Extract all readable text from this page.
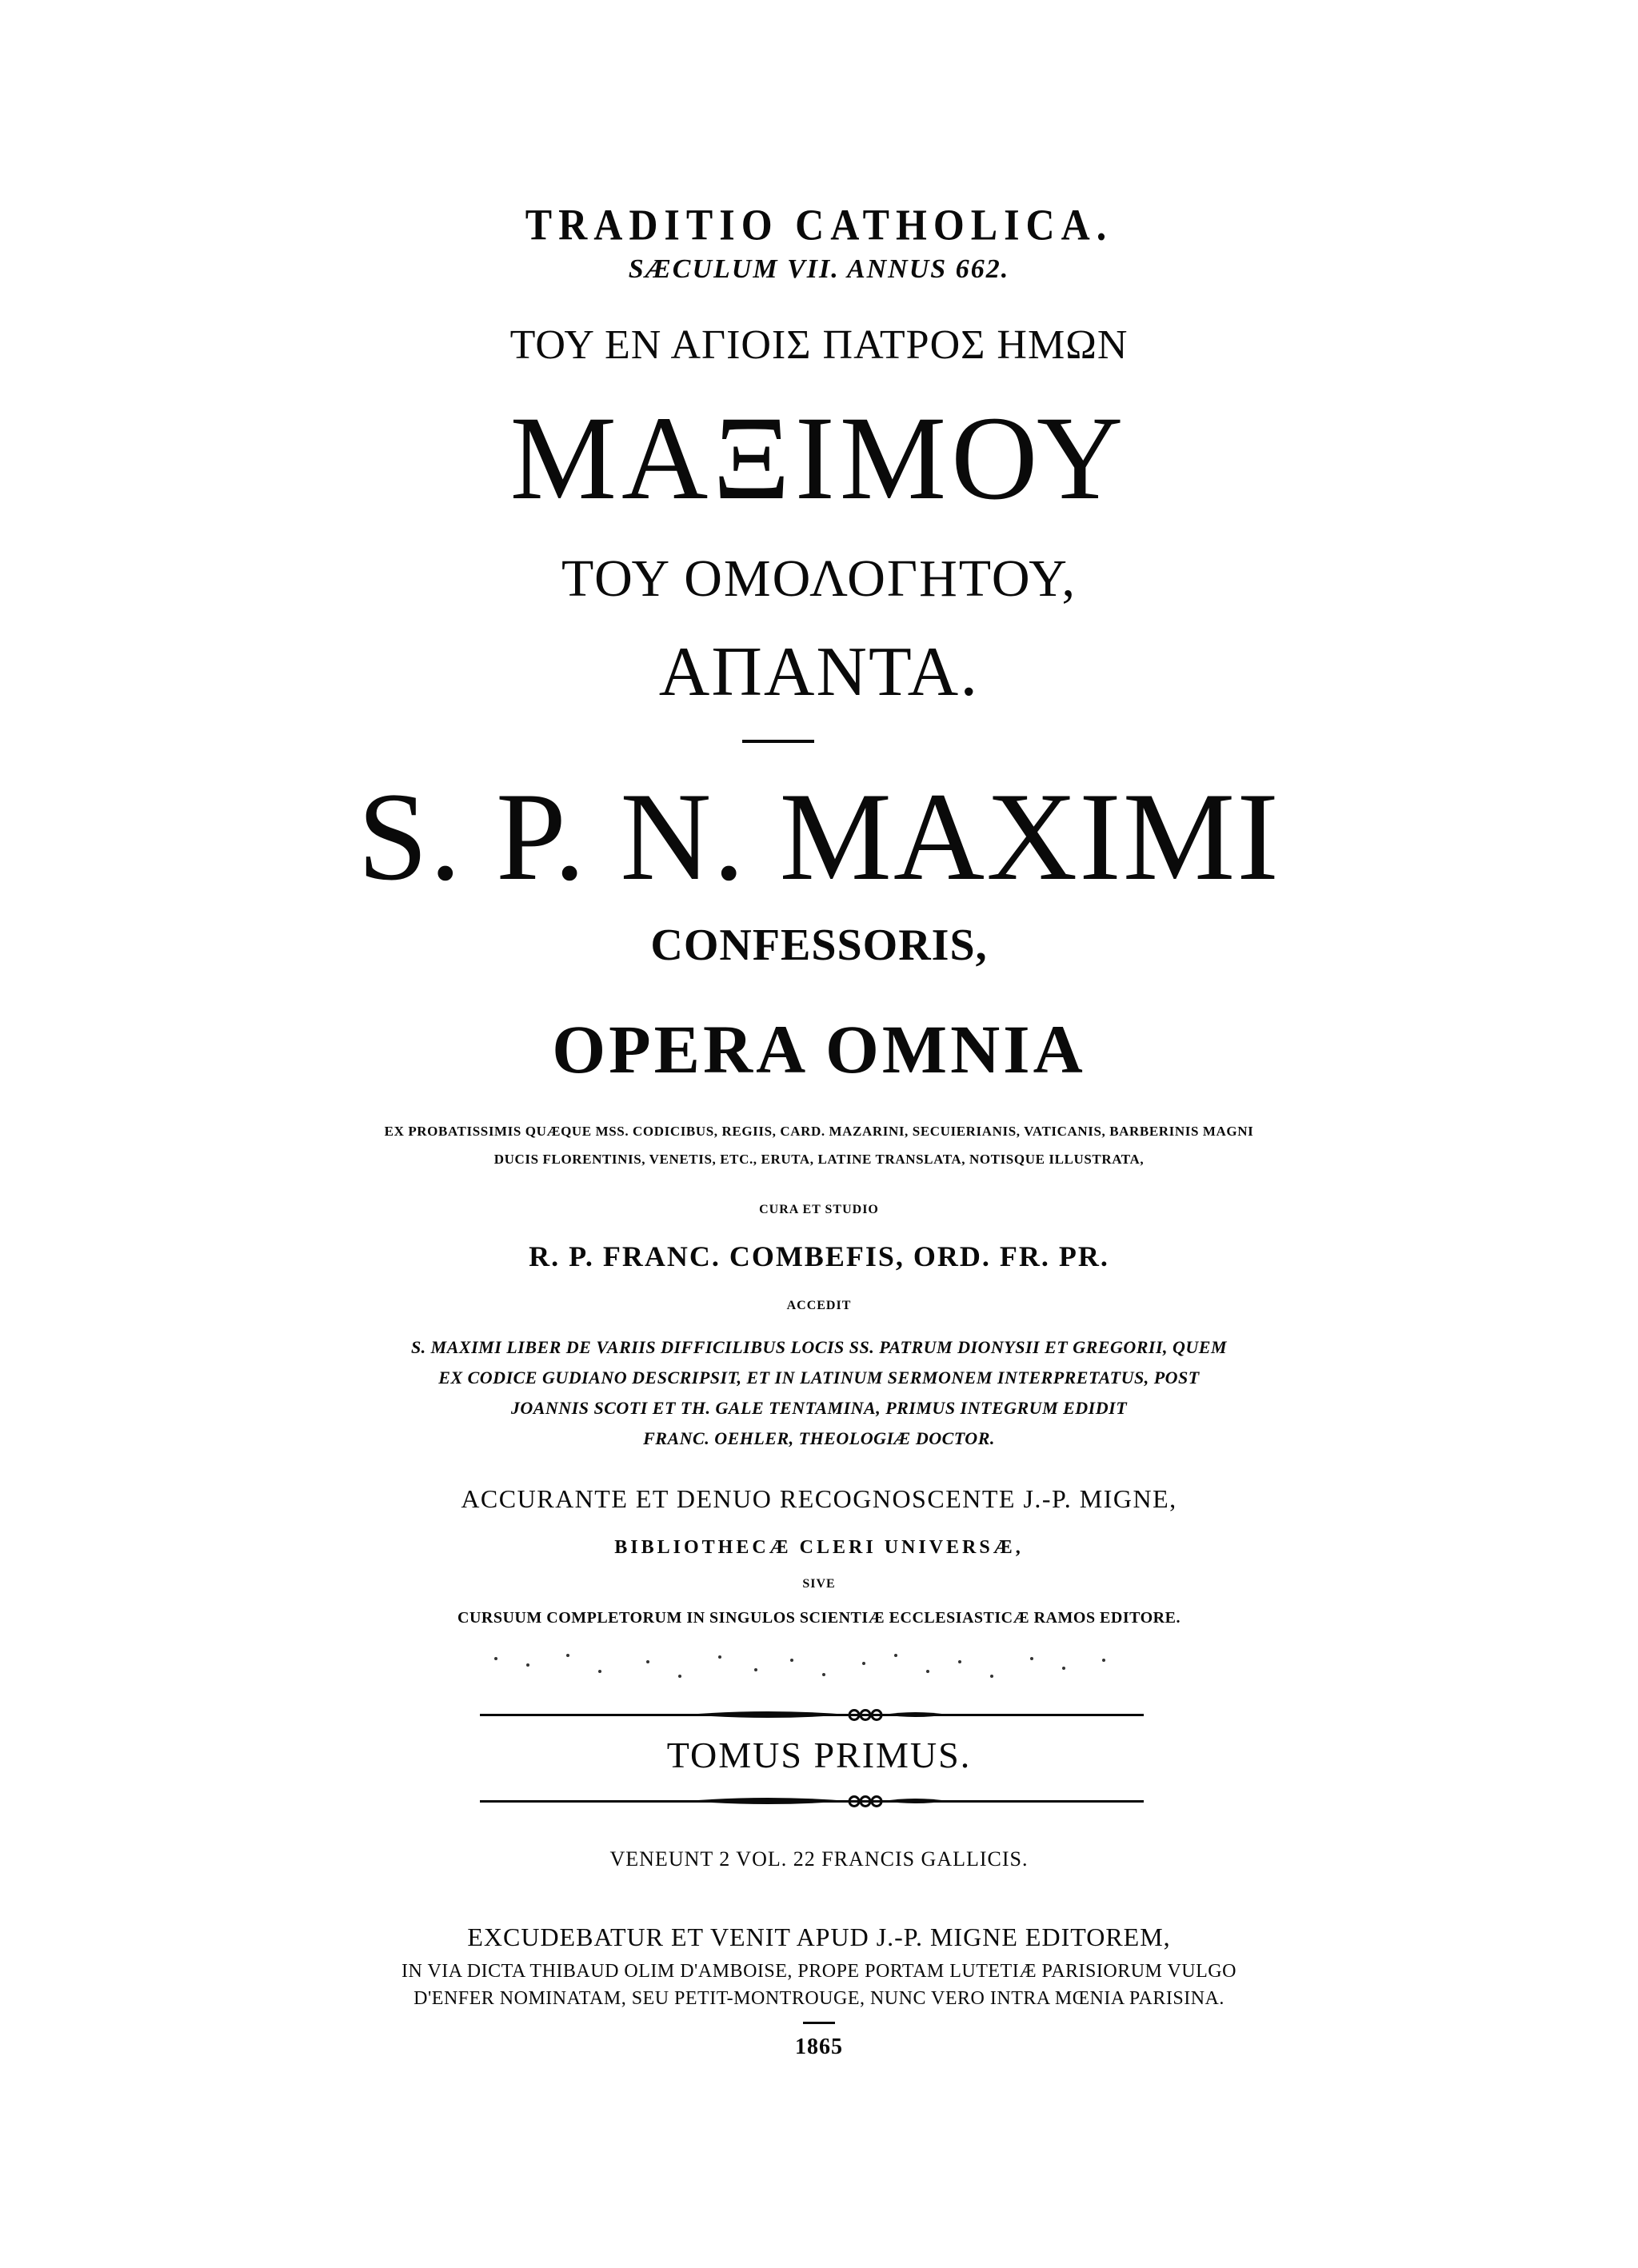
TRADITIO CATHOLICA.
SÆCULUM VII. ANNUS 662.
ΤΟΥ ΕΝ ΑΓΙΟΙΣ ΠΑΤΡΟΣ ΗΜΩΝ
ΜΑΞΙΜΟΥ
ΤΟΥ ΟΜΟΛΟΓΗΤΟΥ,
ΑΠΑΝΤΑ.
S. P. N. MAXIMI
CONFESSORIS,
OPERA OMNIA
EX PROBATISSIMIS QUÆQUE MSS. CODICIBUS, REGIIS, CARD. MAZARINI, SECUIERIANIS, VATICANIS, BARBERINIS MAGNI
DUCIS FLORENTINIS, VENETIS, ETC., ERUTA, LATINE TRANSLATA, NOTISQUE ILLUSTRATA,
CURA ET STUDIO
R. P. FRANC. COMBEFIS, ORD. FR. PR.
ACCEDIT
S. MAXIMI LIBER DE VARIIS DIFFICILIBUS LOCIS SS. PATRUM DIONYSII ET GREGORII, QUEM
EX CODICE GUDIANO DESCRIPSIT, ET IN LATINUM SERMONEM INTERPRETATUS, POST
JOANNIS SCOTI ET TH. GALE TENTAMINA, PRIMUS INTEGRUM EDIDIT
FRANC. OEHLER, THEOLOGIÆ DOCTOR.
ACCURANTE ET DENUO RECOGNOSCENTE J.-P. MIGNE,
BIBLIOTHECÆ CLERI UNIVERSÆ,
SIVE
CURSUUM COMPLETORUM IN SINGULOS SCIENTIÆ ECCLESIASTICÆ RAMOS EDITORE.
TOMUS PRIMUS.
VENEUNT 2 VOL. 22 FRANCIS GALLICIS.
EXCUDEBATUR ET VENIT APUD J.-P. MIGNE EDITOREM,
IN VIA DICTA THIBAUD OLIM D'AMBOISE, PROPE PORTAM LUTETIÆ PARISIORUM VULGO
D'ENFER NOMINATAM, SEU PETIT-MONTROUGE, NUNC VERO INTRA MŒNIA PARISINA.
1865
